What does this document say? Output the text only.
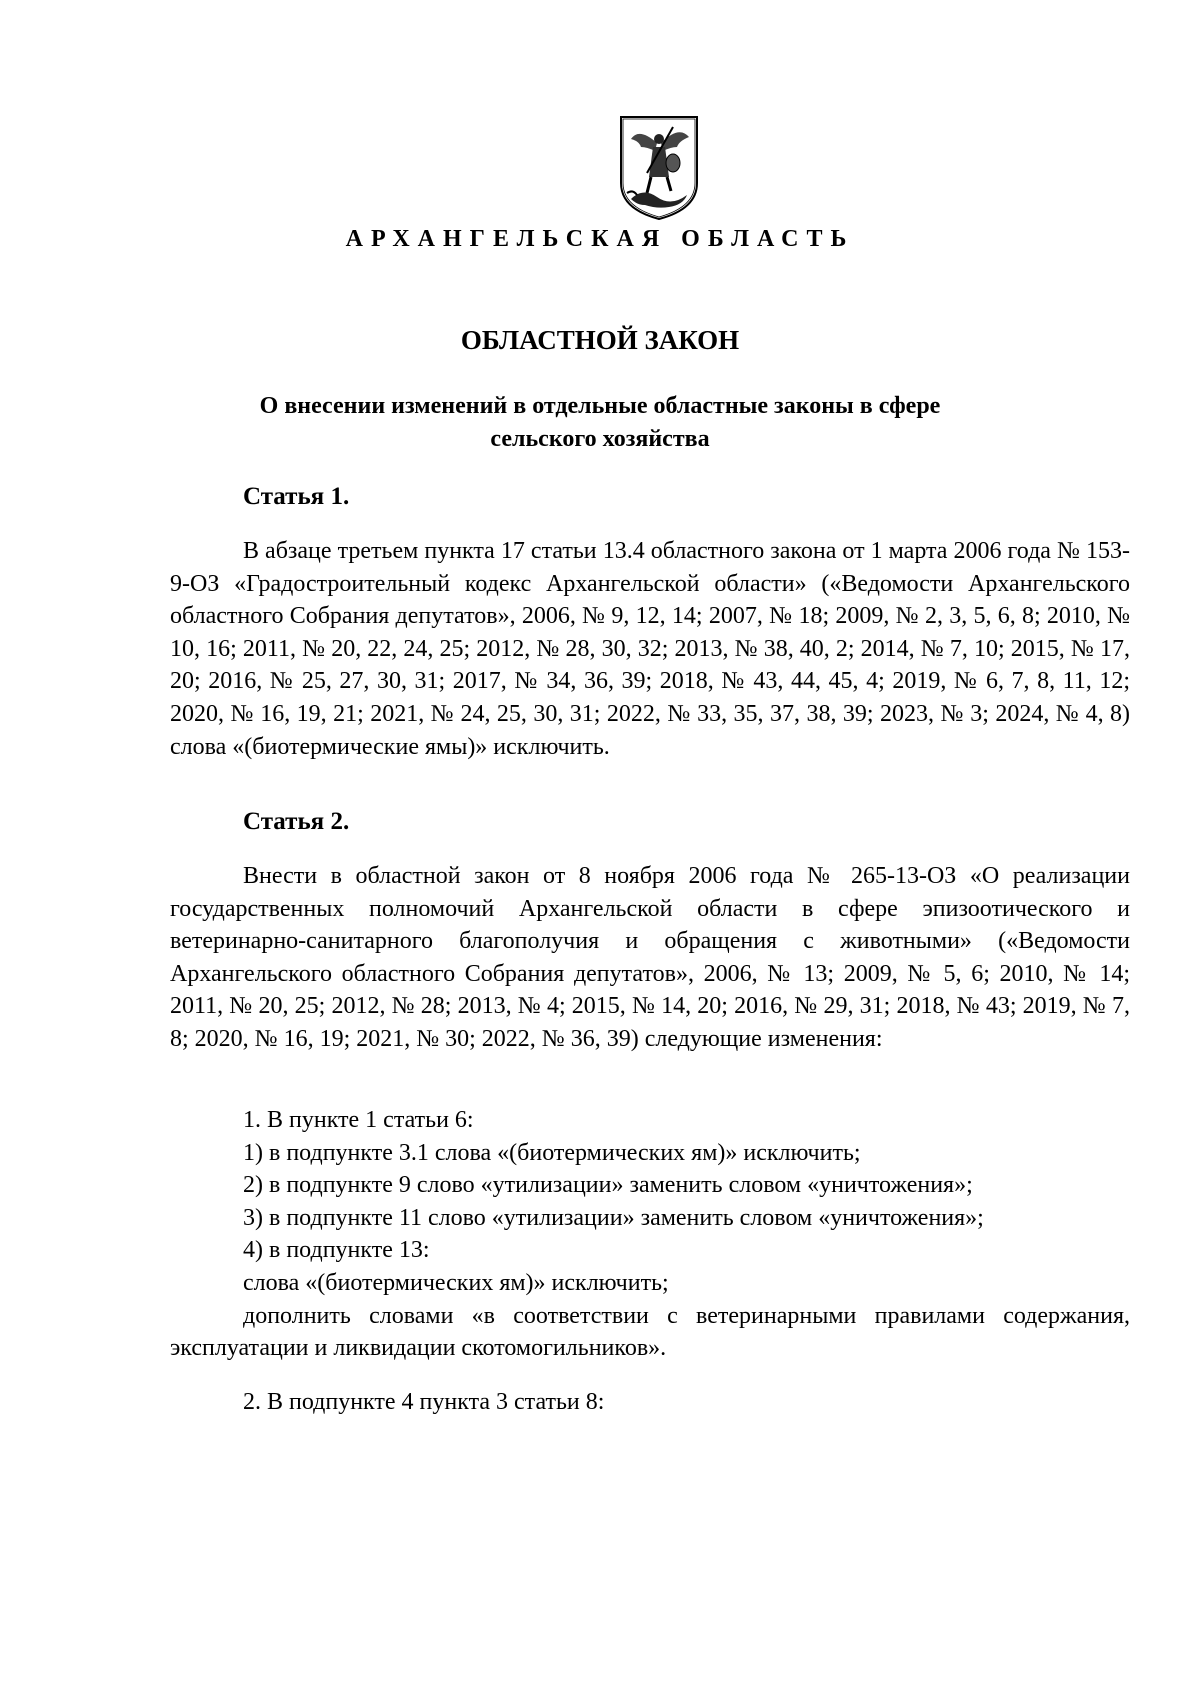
АРХАНГЕЛЬСКАЯ ОБЛАСТЬ
ОБЛАСТНОЙ ЗАКОН
О внесении изменений в отдельные областные законы в сфере
сельского хозяйства
Статья 1.

В абзаце третьем пункта 17 статьи 13.4 областного закона от 1 марта 2006 года № 153-9-ОЗ «Градостроительный кодекс Архангельской области» («Ведомости Архангельского областного Собрания депутатов», 2006, № 9, 12, 14; 2007, № 18; 2009, № 2, 3, 5, 6, 8; 2010, № 10, 16; 2011, № 20, 22, 24, 25; 2012, № 28, 30, 32; 2013, № 38, 40, 2; 2014, № 7, 10; 2015, № 17, 20; 2016, № 25, 27, 30, 31; 2017, № 34, 36, 39; 2018, № 43, 44, 45, 4; 2019, № 6, 7, 8, 11, 12; 2020, № 16, 19, 21; 2021, № 24, 25, 30, 31; 2022, № 33, 35, 37, 38, 39; 2023, № 3; 2024, № 4, 8) слова «(биотермические ямы)» исключить.

Статья 2.

Внести в областной закон от 8 ноября 2006 года № 265-13-ОЗ «О реализации государственных полномочий Архангельской области в сфере эпизоотического и ветеринарно-санитарного благополучия и обращения с животными» («Ведомости Архангельского областного Собрания депутатов», 2006, № 13; 2009, № 5, 6; 2010, № 14; 2011, № 20, 25; 2012, № 28; 2013, № 4; 2015, № 14, 20; 2016, № 29, 31; 2018, № 43; 2019, № 7, 8; 2020, № 16, 19; 2021, № 30; 2022, № 36, 39) следующие изменения:

1. В пункте 1 статьи 6:

1) в подпункте 3.1 слова «(биотермических ям)» исключить;

2) в подпункте 9 слово «утилизации» заменить словом «уничтожения»;

3) в подпункте 11 слово «утилизации» заменить словом «уничтожения»;

4) в подпункте 13:

слова «(биотермических ям)» исключить;

дополнить словами «в соответствии с ветеринарными правилами содержания, эксплуатации и ликвидации скотомогильников».

2. В подпункте 4 пункта 3 статьи 8:
